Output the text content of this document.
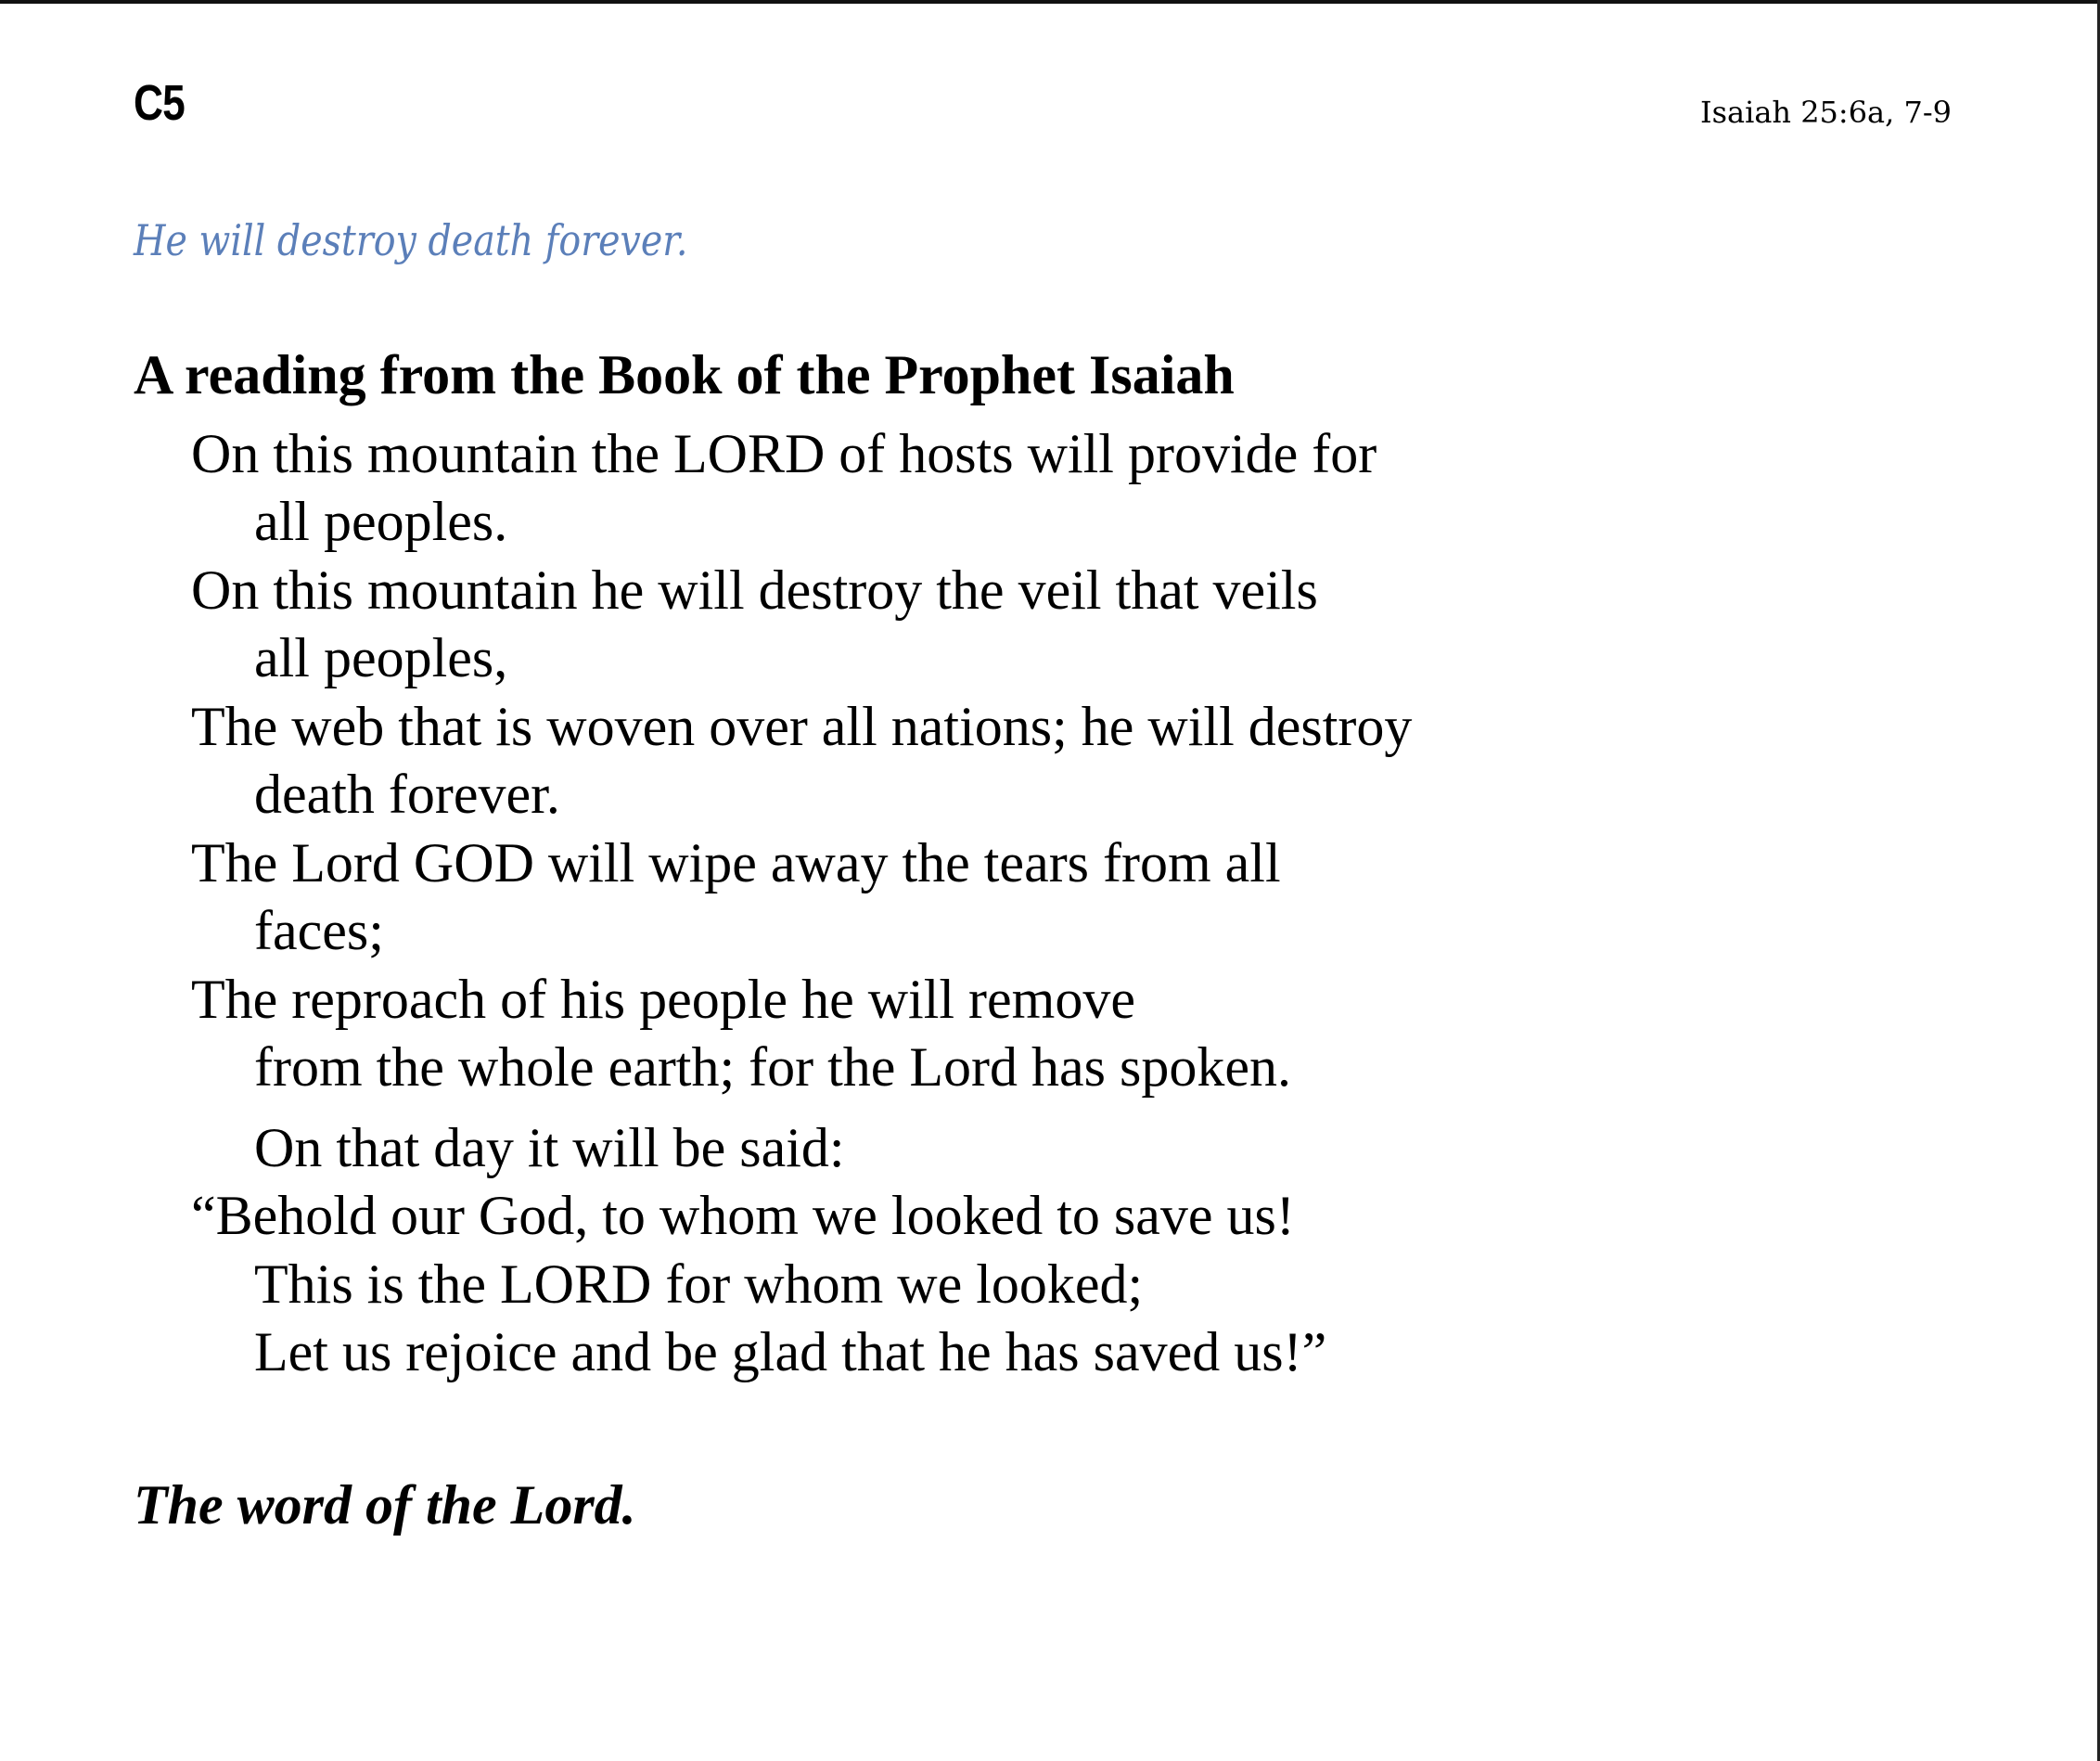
C5	Isaiah 25:6a, 7-9
He will destroy death forever.
A reading from the Book of the Prophet Isaiah
On this mountain the LORD of hosts will provide for
all peoples.
On this mountain he will destroy the veil that veils
all peoples,
The web that is woven over all nations; he will destroy
death forever.
The Lord GOD will wipe away the tears from all
faces;
The reproach of his people he will remove
from the whole earth; for the Lord has spoken.
On that day it will be said:
“Behold our God, to whom we looked to save us!
This is the LORD for whom we looked;
Let us rejoice and be glad that he has saved us!”
The word of the Lord.
